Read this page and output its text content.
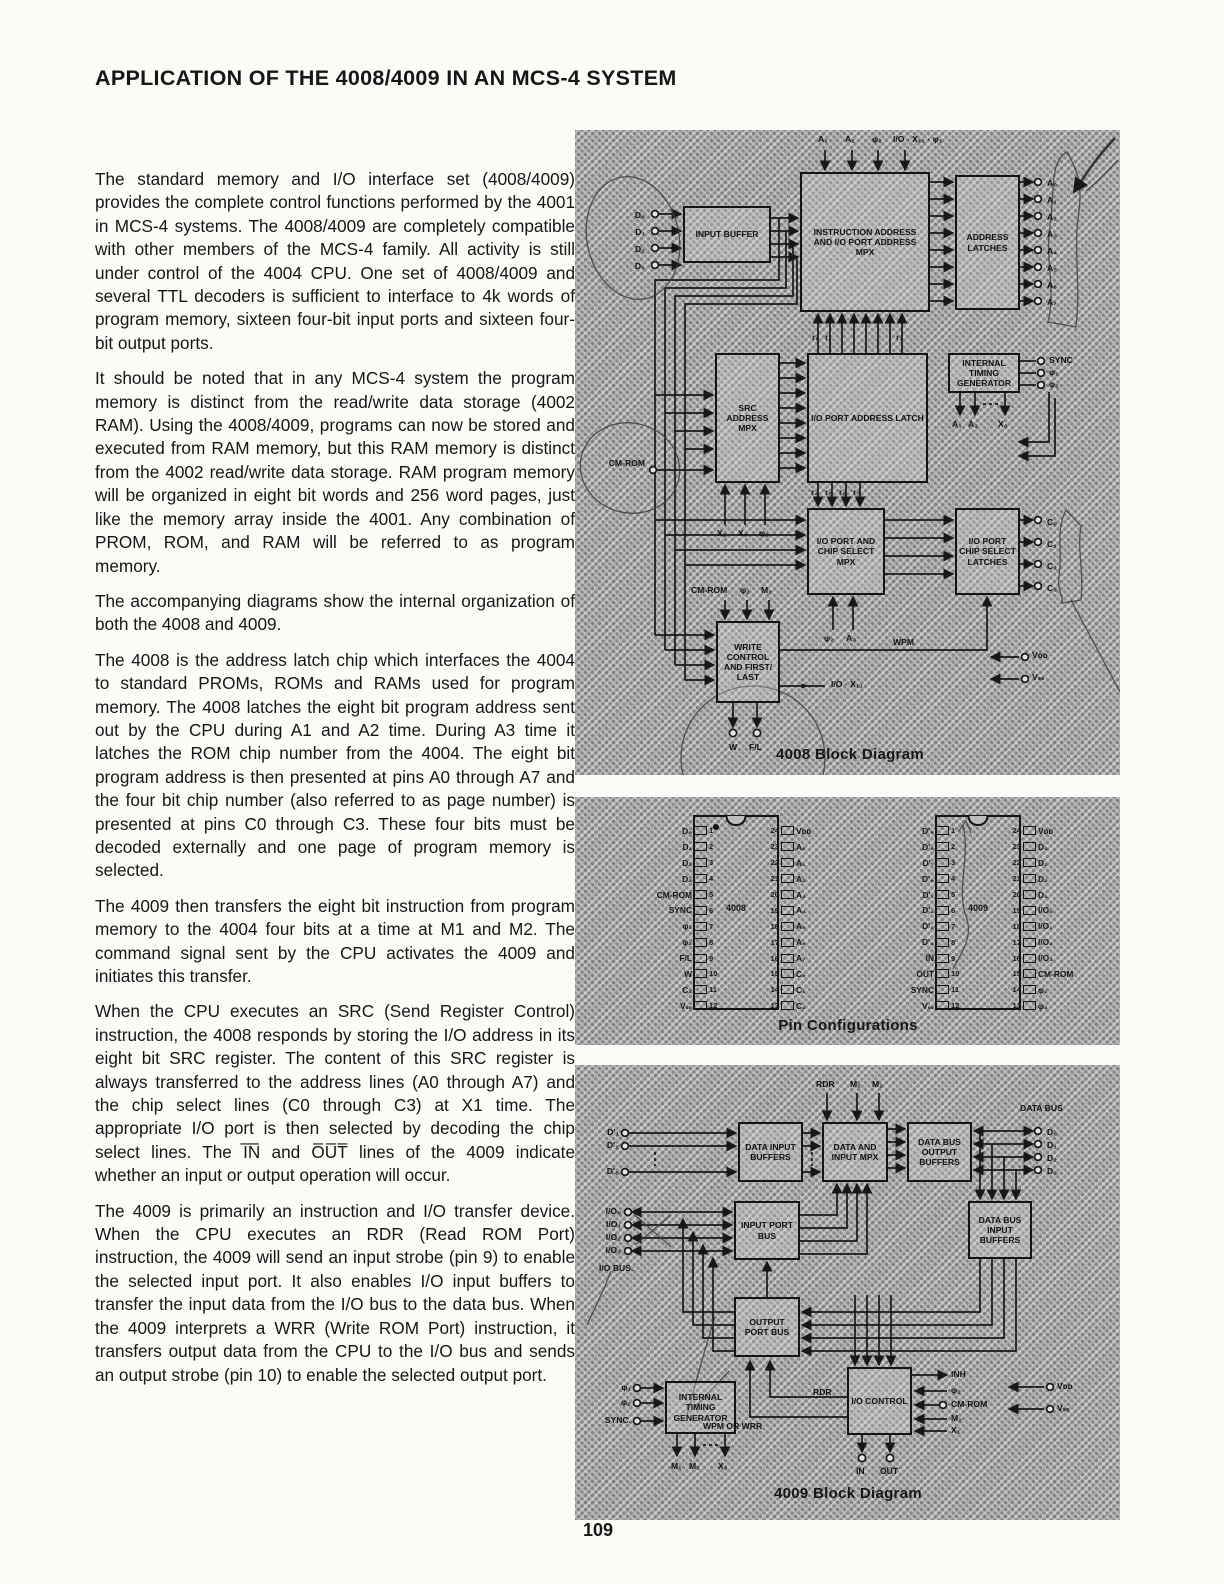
APPLICATION OF THE 4008/4009 IN AN MCS-4 SYSTEM

The standard memory and I/O interface set (4008/4009) provides the complete control functions performed by the 4001 in MCS-4 systems. The 4008/4009 are completely compatible with other members of the MCS-4 family. All activity is still under control of the 4004 CPU. One set of 4008/4009 and several TTL decoders is sufficient to interface to 4k words of program memory, sixteen four-bit input ports and sixteen four-bit output ports.

It should be noted that in any MCS-4 system the program memory is distinct from the read/write data storage (4002 RAM). Using the 4008/4009, programs can now be stored and executed from RAM memory, but this RAM memory is distinct from the 4002 read/write data storage. RAM program memory will be organized in eight bit words and 256 word pages, just like the memory array inside the 4001. Any combination of PROM, ROM, and RAM will be referred to as program memory.

The accompanying diagrams show the internal organization of both the 4008 and 4009.

The 4008 is the address latch chip which interfaces the 4004 to standard PROMs, ROMs and RAMs used for program memory. The 4008 latches the eight bit program address sent out by the CPU during A1 and A2 time. During A3 time it latches the ROM chip number from the 4004. The eight bit program address is then presented at pins A0 through A7 and the four bit chip number (also referred to as page number) is presented at pins C0 through C3. These four bits must be decoded externally and one page of program memory is selected.

The 4009 then transfers the eight bit instruction from program memory to the 4004 four bits at a time at M1 and M2. The command signal sent by the CPU activates the 4009 and initiates this transfer.

When the CPU executes an SRC (Send Register Control) instruction, the 4008 responds by storing the I/O address in its eight bit SRC register. The content of this SRC register is always transferred to the address lines (A0 through A7) and the chip select lines (C0 through C3) at X1 time. The appropriate I/O port is then selected by decoding the chip select lines. The I̅N̅ and O̅U̅T̅ lines of the 4009 indicate whether an input or output operation will occur.

The 4009 is primarily an instruction and I/O transfer device. When the CPU executes an RDR (Read ROM Port) instruction, the 4009 will send an input strobe (pin 9) to enable the selected input port. It also enables I/O input buffers to transfer the input data from the I/O bus to the data bus. When the 4009 interprets a WRR (Write ROM Port) instruction, it transfers output data from the CPU to the I/O bus and sends an output strobe (pin 10) to enable the selected output port.

INPUT BUFFER	INSTRUCTION ADDRESS AND I/O PORT ADDRESS MPX
ADDRESS LATCHES
SRC ADDRESS MPX
I/O PORT ADDRESS LATCH
INTERNAL TIMING GENERATOR
I/O PORT AND CHIP SELECT MPX
I/O PORT CHIP SELECT LATCHES
WRITE CONTROL AND FIRST/ LAST
A₁ A₂ φ₂ I/O · X₁₁ · φ₁
D₀
D₁
D₂
D₃
A₀
A₁
A₂
A₃
A₄
A₅
A₆
A₇
C₀
C₁
C₂
C₃
r₀ r₁	r₇
r₄ r₅ r₆ r₇
CM-ROM
X₂ X₃ φ₂
SYNC
φ₁
φ₂
A₁ A₂ X₃
φ₂ A₃
CM-ROM φ₂ M₂
WPM
I/O · X₁₁
W F/L
Vᴅᴅ
Vₛₛ
4008 Block Diagram
4008
D₀ 1
D₁ 2
D₂ 3
D₃ 4
CM-ROM 5
SYNC 6
φ₁ 7
φ₂ 8
F/L 9
W 10
C₃ 11
Vₛₛ 12
24 Vᴅᴅ
23 A₀
22 A₁
21 A₂
20 A₃
19 A₄
18 A₅
17 A₆
16 A₇
15 C₀
14 C₁
13 C₂
4009
D′₅ 1
D′₆ 2
D′₇ 3
D′₈ 4
D′₁ 5
D′₂ 6
D′₃ 7
D′₄ 8
I̅N̅ 9
O̅U̅T̅ 10
SYNC 11
Vₛₛ 12
24 Vᴅᴅ
23 D₀
22 D₁
21 D₂
20 D₃
19 I/O₀
18 I/O₁
17 I/O₂
16 I/O₃
15 CM-ROM
14 φ₁
13 φ₂
Pin Configurations
DATA INPUT BUFFERS
DATA AND INPUT MPX
DATA BUS OUTPUT BUFFERS
DATA BUS INPUT BUFFERS
INPUT PORT BUS
OUTPUT PORT BUS
INTERNAL TIMING GENERATOR
I/O CONTROL
RDR M₁ M₂
DATA BUS
D′₁
D′₂
D′₈
D₀
D₁
D₂
D₃
I/O₀
I/O₁
I/O₂
I/O₃
I/O BUS.
RDR
WPM OR WRR
INH
φ₂
CM-ROM
M₂
X₁
I̅N̅ O̅U̅T̅
φ₁
φ₂
SYNC.
M₁ M₂ X₂
Vᴅᴅ
Vₛₛ
4009 Block Diagram
109
